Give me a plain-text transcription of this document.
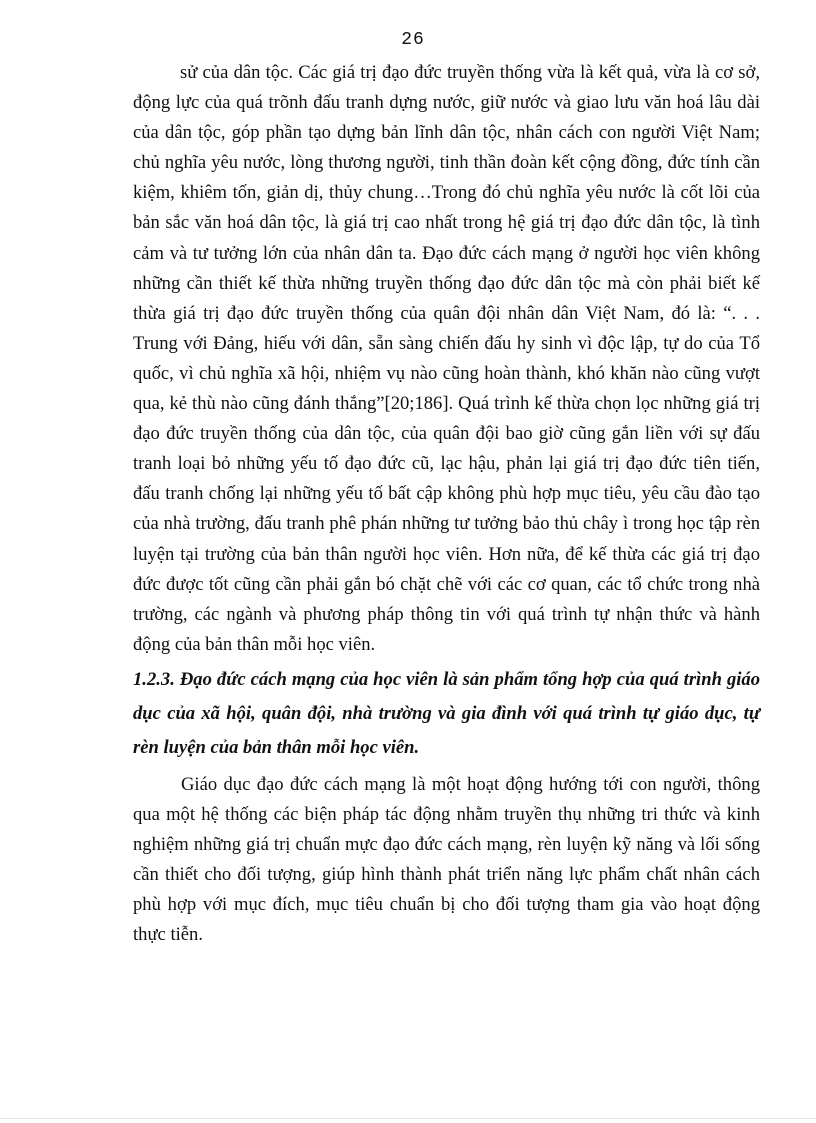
26

sử của dân tộc. Các giá trị đạo đức truyền thống vừa là kết quả, vừa là cơ sở, động lực của quá trõnh đấu tranh dựng nước, giữ nước và giao lưu văn hoá lâu dài của dân tộc, góp phần tạo dựng bản lĩnh dân tộc, nhân cách con người Việt Nam; chủ nghĩa yêu nước, lòng thương người, tinh thần đoàn kết cộng đồng, đức tính cần kiệm, khiêm tốn, giản dị, thủy chung…Trong đó chủ nghĩa yêu nước là cốt lõi của bản sắc văn hoá dân tộc, là giá trị cao nhất trong hệ giá trị đạo đức dân tộc, là tình cảm và tư tưởng lớn của nhân dân ta. Đạo đức cách mạng ở người học viên không những cần thiết kế thừa những truyền thống đạo đức dân tộc mà còn phải biết kế thừa giá trị đạo đức truyền thống của quân đội nhân dân Việt Nam, đó là: “. . . Trung với Đảng, hiếu với dân, sẵn sàng chiến đấu hy sinh vì độc lập, tự do của Tổ quốc, vì chủ nghĩa xã hội, nhiệm vụ nào cũng hoàn thành, khó khăn nào cũng vượt qua, kẻ thù nào cũng đánh thắng”[20;186]. Quá trình kế thừa chọn lọc những giá trị đạo đức truyền thống của dân tộc, của quân đội bao giờ cũng gắn liền với sự đấu tranh loại bỏ những yếu tố đạo đức cũ, lạc hậu, phản lại giá trị đạo đức tiên tiến, đấu tranh chống lại những yếu tố bất cập không phù hợp mục tiêu, yêu cầu đào tạo của nhà trường, đấu tranh phê phán những tư tưởng bảo thủ chây ì trong học tập rèn luyện tại trường của bản thân người học viên. Hơn nữa, để kế thừa các giá trị đạo đức được tốt cũng cần phải gắn bó chặt chẽ với các cơ quan, các tổ chức trong nhà trường, các ngành và phương pháp thông tin với quá trình tự nhận thức và hành động của bản thân mỗi học viên.

1.2.3. Đạo đức cách mạng của học viên là sản phẩm tổng hợp của quá trình giáo dục của xã hội, quân đội, nhà trường và gia đình với quá trình tự giáo dục, tự rèn luyện của bản thân mỗi học viên.

Giáo dục đạo đức cách mạng là một hoạt động hướng tới con người, thông qua một hệ thống các biện pháp tác động nhằm truyền thụ những tri thức và kinh nghiệm những giá trị chuẩn mực đạo đức cách mạng, rèn luyện kỹ năng và lối sống cần thiết cho đối tượng, giúp hình thành phát triển năng lực phẩm chất nhân cách phù hợp với mục đích, mục tiêu chuẩn bị cho đối tượng tham gia vào hoạt động thực tiễn.
